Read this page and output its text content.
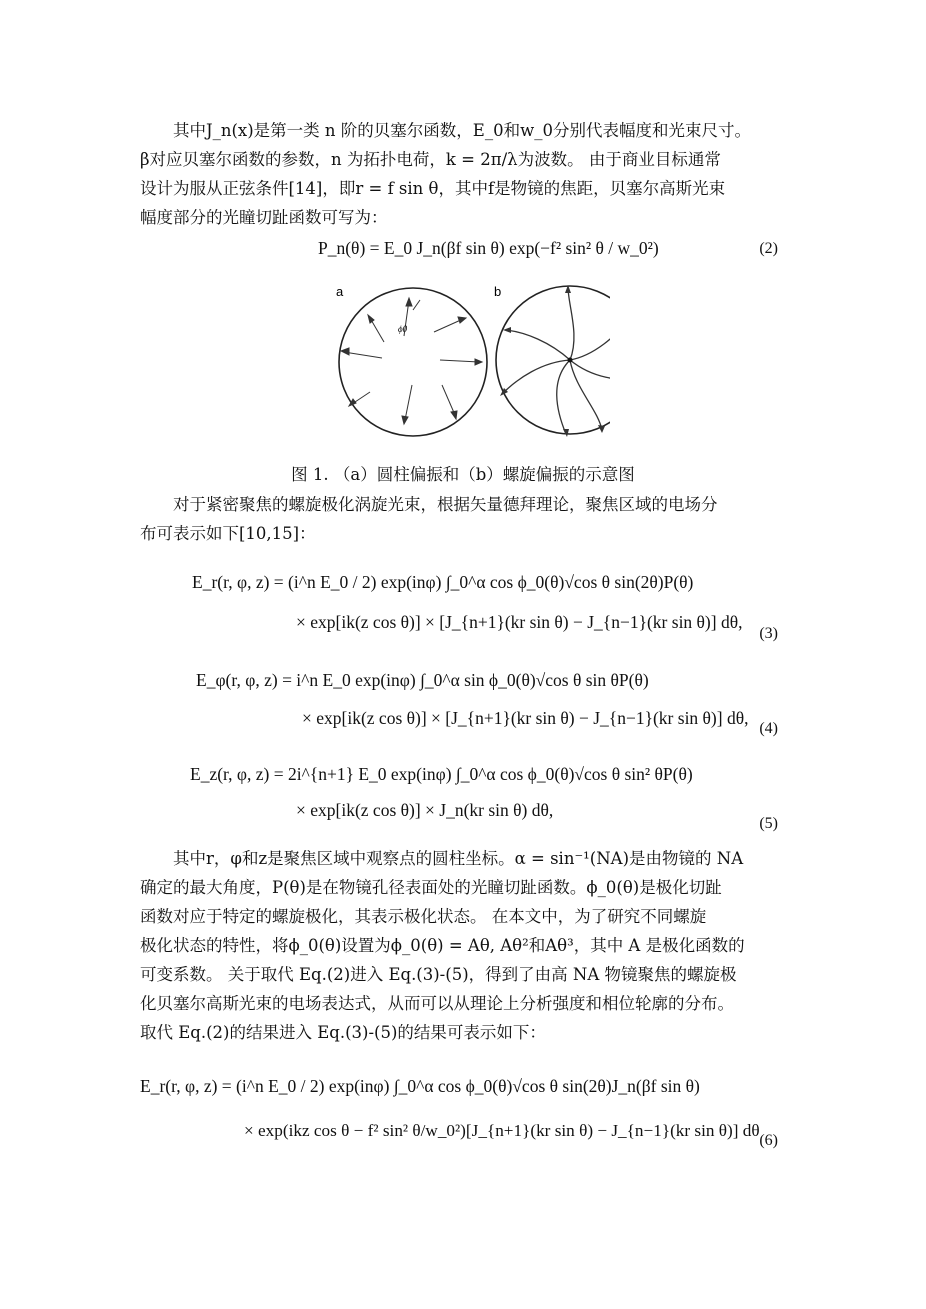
其中J_n(x)是第一类 n 阶的贝塞尔函数，E_0和w_0分别代表幅度和光束尺寸。

β对应贝塞尔函数的参数，n 为拓扑电荷，k = 2π/λ为波数。 由于商业目标通常

设计为服从正弦条件[14]，即r = f sin θ，其中f是物镜的焦距，贝塞尔高斯光束

幅度部分的光瞳切趾函数可写为：

P_n(θ) = E_0 J_n(βf sin θ) exp(−f² sin² θ / w_0²)	(2)
a	b
ϕ0
图 1. （a）圆柱偏振和（b）螺旋偏振的示意图

对于紧密聚焦的螺旋极化涡旋光束，根据矢量德拜理论，聚焦区域的电场分

布可表示如下[10,15]：

E_r(r, φ, z) = (i^n E_0 / 2) exp(inφ) ∫_0^α cos ϕ_0(θ)√cos θ sin(2θ)P(θ)
× exp[ik(z cos θ)] × [J_{n+1}(kr sin θ) − J_{n−1}(kr sin θ)] dθ,
(3)
E_φ(r, φ, z) = i^n E_0 exp(inφ) ∫_0^α sin ϕ_0(θ)√cos θ sin θP(θ)
× exp[ik(z cos θ)] × [J_{n+1}(kr sin θ) − J_{n−1}(kr sin θ)] dθ,
(4)
E_z(r, φ, z) = 2i^{n+1} E_0 exp(inφ) ∫_0^α cos ϕ_0(θ)√cos θ sin² θP(θ)
× exp[ik(z cos θ)] × J_n(kr sin θ) dθ,
(5)

其中r，φ和z是聚焦区域中观察点的圆柱坐标。α = sin⁻¹(NA)是由物镜的 NA

确定的最大角度，P(θ)是在物镜孔径表面处的光瞳切趾函数。ϕ_0(θ)是极化切趾

函数对应于特定的螺旋极化，其表示极化状态。 在本文中，为了研究不同螺旋

极化状态的特性，将ϕ_0(θ)设置为ϕ_0(θ) = Aθ, Aθ²和Aθ³，其中 A 是极化函数的

可变系数。 关于取代 Eq.(2)进入 Eq.(3)-(5)，得到了由高 NA 物镜聚焦的螺旋极

化贝塞尔高斯光束的电场表达式，从而可以从理论上分析强度和相位轮廓的分布。

取代 Eq.(2)的结果进入 Eq.(3)-(5)的结果可表示如下：

E_r(r, φ, z) = (i^n E_0 / 2) exp(inφ) ∫_0^α cos ϕ_0(θ)√cos θ sin(2θ)J_n(βf sin θ)
× exp(ikz cos θ − f² sin² θ/w_0²)[J_{n+1}(kr sin θ) − J_{n−1}(kr sin θ)] dθ
(6)
